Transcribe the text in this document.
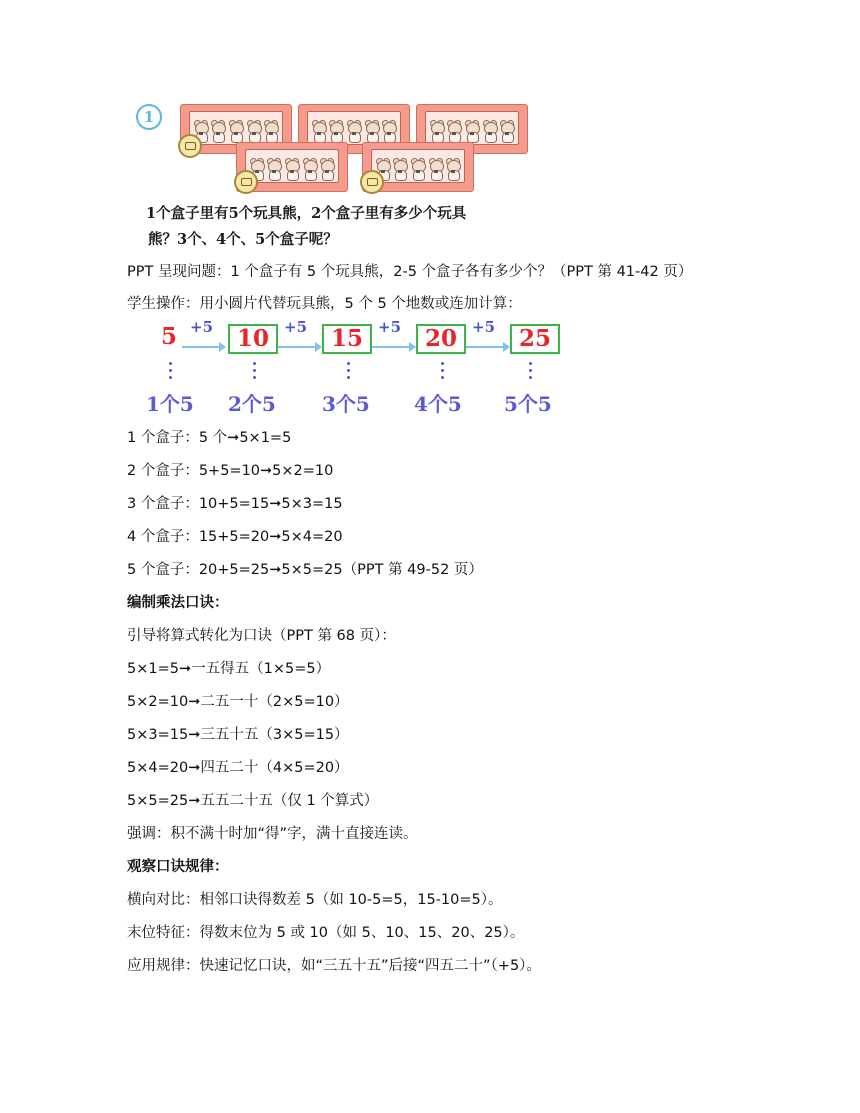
1
1个盒子里有5个玩具熊，2个盒子里有多少个玩具
熊？3个、4个、5个盒子呢？
PPT 呈现问题：1 个盒子有 5 个玩具熊，2-5 个盒子各有多少个？（PPT 第 41-42 页）
学生操作：用小圆片代替玩具熊，5 个 5 个地数或连加计算：
5 +5	10	+5	15	+5	20	+5	25
1个5 2个5 3个5 4个5 5个5
1 个盒子：5 个➞5×1=5
2 个盒子：5+5=10➞5×2=10
3 个盒子：10+5=15➞5×3=15
4 个盒子：15+5=20➞5×4=20
5 个盒子：20+5=25➞5×5=25（PPT 第 49-52 页）
编制乘法口诀：
引导将算式转化为口诀（PPT 第 68 页）：
5×1=5➞一五得五（1×5=5）
5×2=10➞二五一十（2×5=10）
5×3=15➞三五十五（3×5=15）
5×4=20➞四五二十（4×5=20）
5×5=25➞五五二十五（仅 1 个算式）
强调：积不满十时加“得”字，满十直接连读。
观察口诀规律：
横向对比：相邻口诀得数差 5（如 10-5=5，15-10=5）。
末位特征：得数末位为 5 或 10（如 5、10、15、20、25）。
应用规律：快速记忆口诀，如“三五十五”后接“四五二十”（+5）。
